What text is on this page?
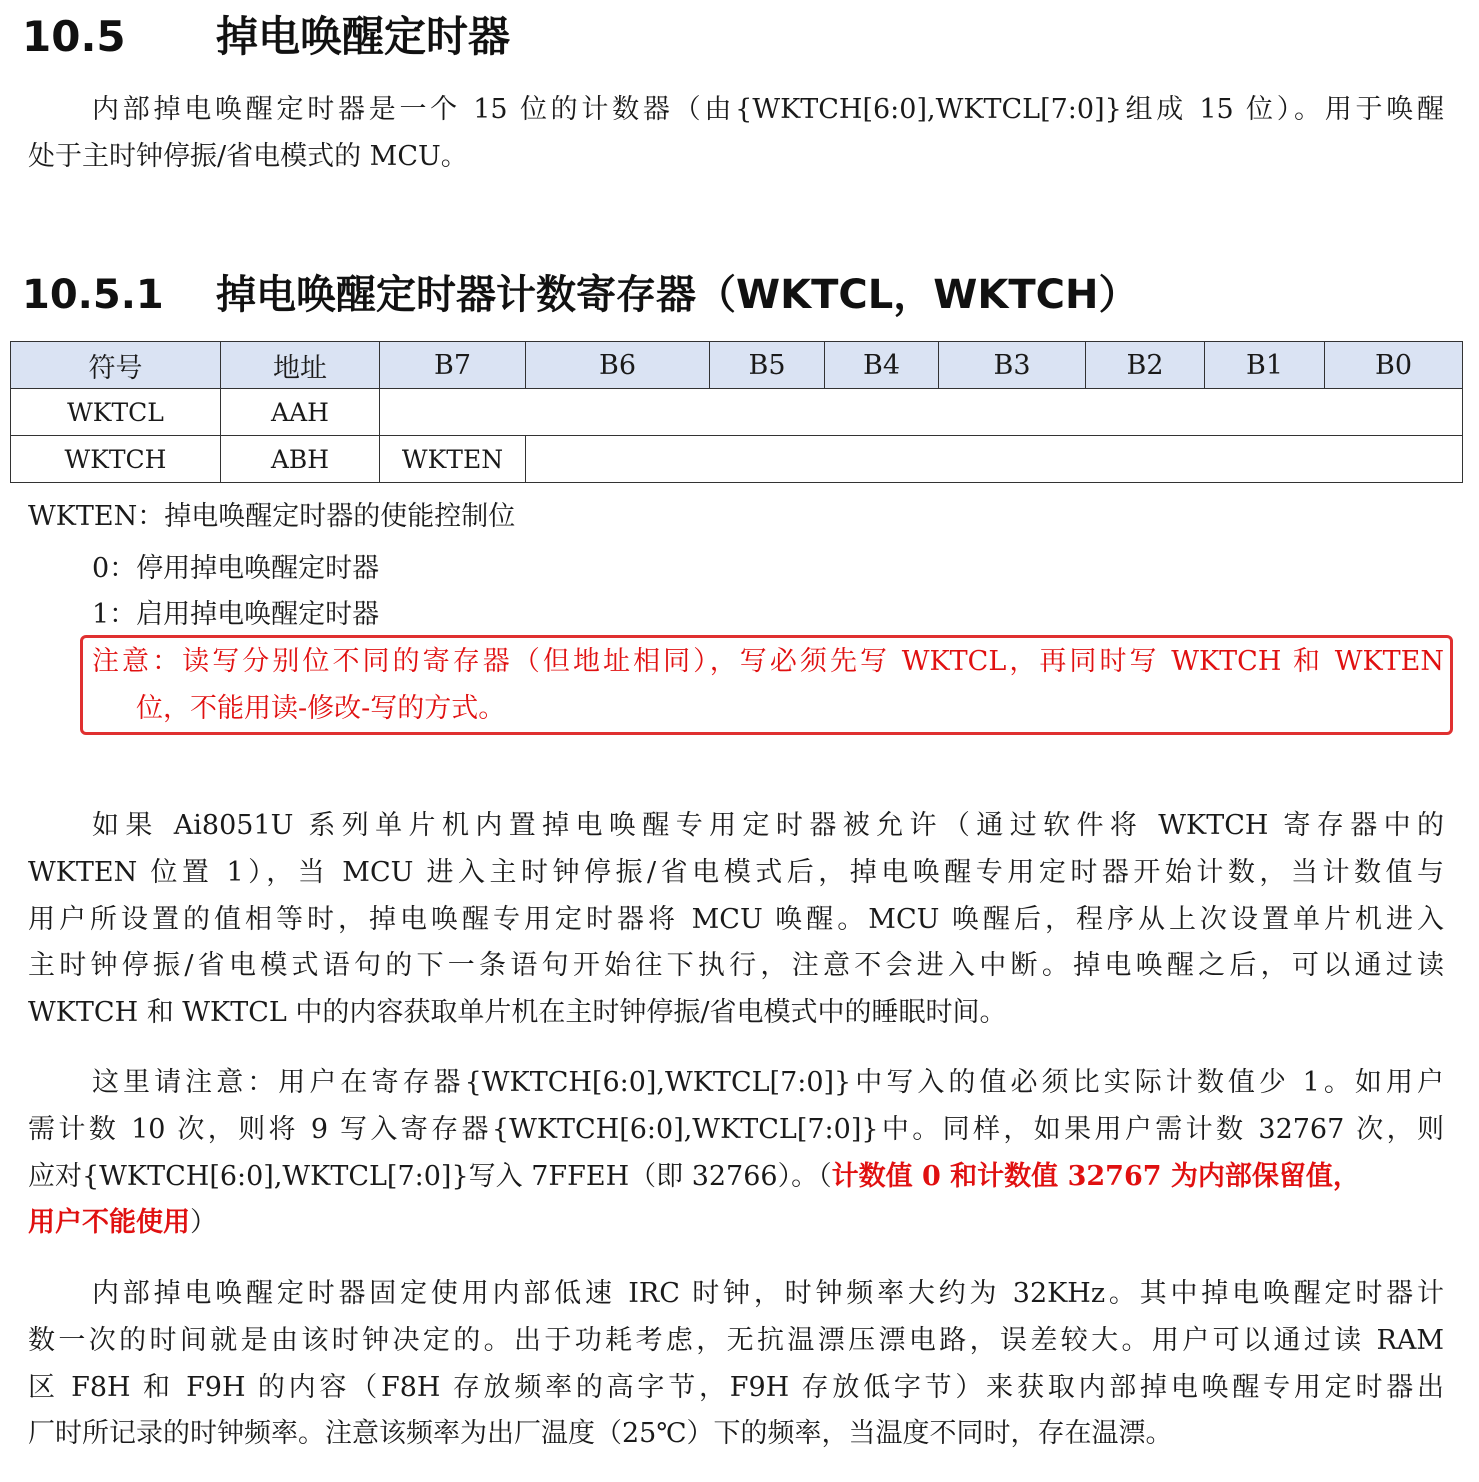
10.5 掉电唤醒定时器
内部掉电唤醒定时器是一个 15 位的计数器（由{WKTCH[6:0],WKTCL[7:0]}组成 15 位）。用于唤醒
处于主时钟停振/省电模式的 MCU。
10.5.1 掉电唤醒定时器计数寄存器（WKTCL，WKTCH）
符号	地址	B7	B6	B5	B4	B3	B2	B1	B0
WKTCL	AAH								
WKTCH	ABH	WKTEN							
WKTEN：掉电唤醒定时器的使能控制位
0：停用掉电唤醒定时器
1：启用掉电唤醒定时器
注意：读写分别位不同的寄存器（但地址相同），写必须先写 WKTCL，再同时写 WKTCH 和 WKTEN
位，不能用读-修改-写的方式。
如果 Ai8051U 系列单片机内置掉电唤醒专用定时器被允许（通过软件将 WKTCH 寄存器中的
WKTEN 位置 1），当 MCU 进入主时钟停振/省电模式后，掉电唤醒专用定时器开始计数，当计数值与
用户所设置的值相等时，掉电唤醒专用定时器将 MCU 唤醒。MCU 唤醒后，程序从上次设置单片机进入
主时钟停振/省电模式语句的下一条语句开始往下执行，注意不会进入中断。掉电唤醒之后，可以通过读
WKTCH 和 WKTCL 中的内容获取单片机在主时钟停振/省电模式中的睡眠时间。
这里请注意：用户在寄存器{WKTCH[6:0],WKTCL[7:0]}中写入的值必须比实际计数值少 1。如用户
需计数 10 次，则将 9 写入寄存器{WKTCH[6:0],WKTCL[7:0]}中。同样，如果用户需计数 32767 次，则
应对{WKTCH[6:0],WKTCL[7:0]}写入 7FFEH（即 32766）。（计数值 0 和计数值 32767 为内部保留值，
用户不能使用）
内部掉电唤醒定时器固定使用内部低速 IRC 时钟，时钟频率大约为 32KHz。其中掉电唤醒定时器计
数一次的时间就是由该时钟决定的。出于功耗考虑，无抗温漂压漂电路，误差较大。用户可以通过读 RAM
区 F8H 和 F9H 的内容（F8H 存放频率的高字节，F9H 存放低字节）来获取内部掉电唤醒专用定时器出
厂时所记录的时钟频率。注意该频率为出厂温度（25℃）下的频率，当温度不同时，存在温漂。
